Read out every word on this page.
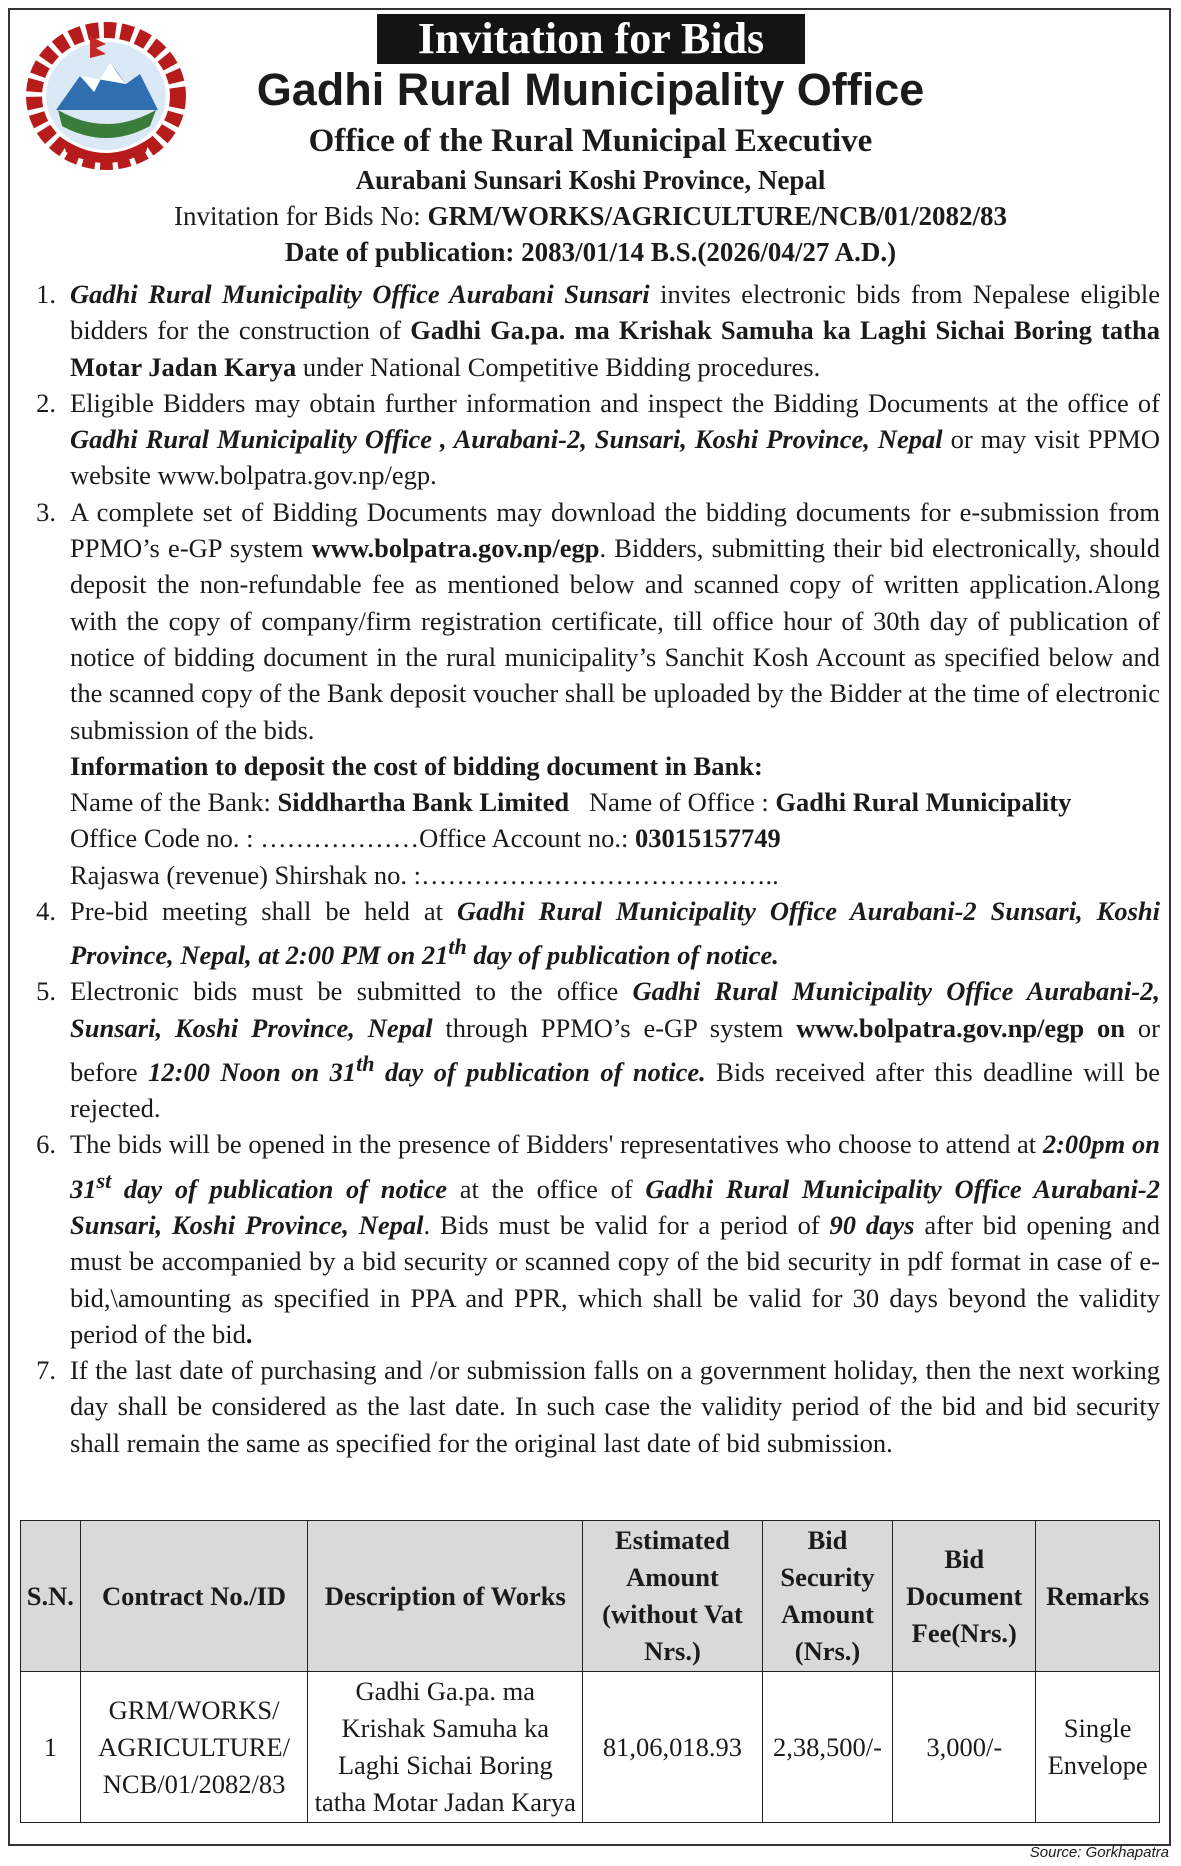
Invitation for Bids
Gadhi Rural Municipality Office
Office of the Rural Municipal Executive
Aurabani Sunsari Koshi Province, Nepal
Invitation for Bids No: GRM/WORKS/AGRICULTURE/NCB/01/2082/83
Date of publication: 2083/01/14 B.S.(2026/04/27 A.D.)
1. Gadhi Rural Municipality Office Aurabani Sunsari invites electronic bids from Nepalese eligible bidders for the construction of Gadhi Ga.pa. ma Krishak Samuha ka Laghi Sichai Boring tatha Motar Jadan Karya under National Competitive Bidding procedures.
2. Eligible Bidders may obtain further information and inspect the Bidding Documents at the office of Gadhi Rural Municipality Office , Aurabani-2, Sunsari, Koshi Province, Nepal or may visit PPMO website www.bolpatra.gov.np/egp.
3. A complete set of Bidding Documents may download the bidding documents for e-submission from PPMO’s e-GP system www.bolpatra.gov.np/egp. Bidders, submitting their bid electronically, should deposit the non-refundable fee as mentioned below and scanned copy of written application.Along with the copy of company/firm registration certificate, till office hour of 30th day of publication of notice of bidding document in the rural municipality’s Sanchit Kosh Account as specified below and the scanned copy of the Bank deposit voucher shall be uploaded by the Bidder at the time of electronic submission of the bids.
Information to deposit the cost of bidding document in Bank:
Name of the Bank: Siddhartha Bank Limited Name of Office : Gadhi Rural Municipality
Office Code no. : ………………Office Account no.: 03015157749
Rajaswa (revenue) Shirshak no. :…………………………………..
4. Pre-bid meeting shall be held at Gadhi Rural Municipality Office Aurabani-2 Sunsari, Koshi Province, Nepal, at 2:00 PM on 21th day of publication of notice.
5. Electronic bids must be submitted to the office Gadhi Rural Municipality Office Aurabani-2, Sunsari, Koshi Province, Nepal through PPMO’s e-GP system www.bolpatra.gov.np/egp on or before 12:00 Noon on 31th day of publication of notice. Bids received after this deadline will be rejected.
6. The bids will be opened in the presence of Bidders' representatives who choose to attend at 2:00pm on 31st day of publication of notice at the office of Gadhi Rural Municipality Office Aurabani-2 Sunsari, Koshi Province, Nepal. Bids must be valid for a period of 90 days after bid opening and must be accompanied by a bid security or scanned copy of the bid security in pdf format in case of e-bid,\amounting as specified in PPA and PPR, which shall be valid for 30 days beyond the validity period of the bid.
7. If the last date of purchasing and /or submission falls on a government holiday, then the next working day shall be considered as the last date. In such case the validity period of the bid and bid security shall remain the same as specified for the original last date of bid submission.
S.N.	Contract No./ID	Description of Works	Estimated Amount (without Vat Nrs.)	Bid Security Amount (Nrs.)	Bid Document Fee(Nrs.)	Remarks
1	GRM/WORKS/ AGRICULTURE/ NCB/01/2082/83	Gadhi Ga.pa. ma Krishak Samuha ka Laghi Sichai Boring tatha Motar Jadan Karya	81,06,018.93	2,38,500/-	3,000/-	Single Envelope
Source: Gorkhapatra
